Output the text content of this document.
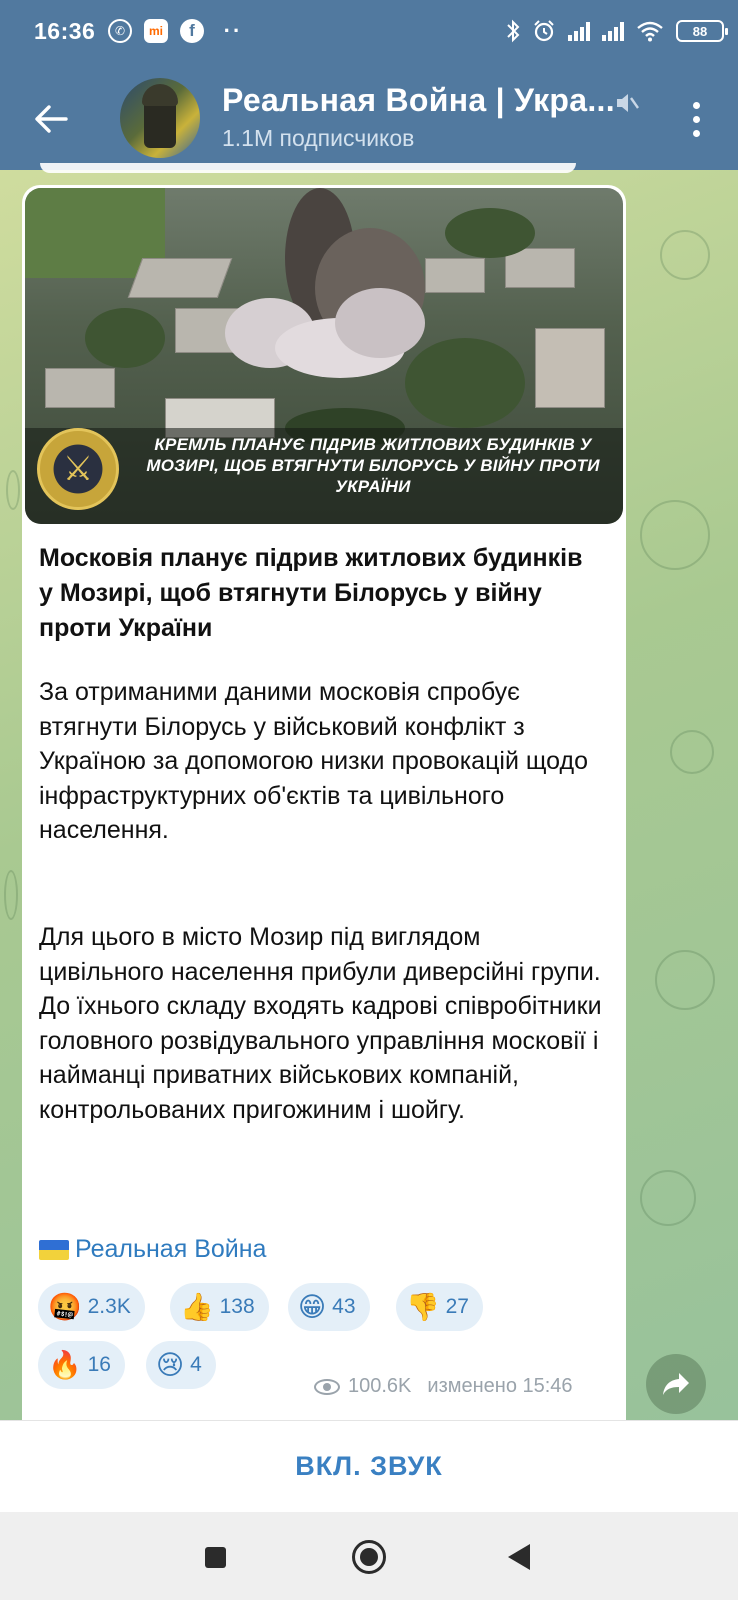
16:36	✆	mi	f	··	88
Реальная Война | Укра...
1.1M подписчиков
⚔
КРЕМЛЬ ПЛАНУЄ ПІДРИВ ЖИТЛОВИХ БУДИНКІВ У МОЗИРІ, ЩОБ ВТЯГНУТИ БІЛОРУСЬ У ВІЙНУ ПРОТИ УКРАЇНИ
Московія планує підрив житлових будинків у Мозирі, щоб втягнути Білорусь у війну проти України
За отриманими даними московія спробує втягнути Білорусь у військовий конфлікт з Україною за допомогою низки провокацій щодо інфраструктурних об'єктів та цивільного населення.
Для цього в місто Мозир під виглядом цивільного населення прибули диверсійні групи. До їхнього складу входять кадрові співробітники головного розвідувального управління московії і найманці приватних військових компаній, контрольованих пригожиним і шойгу.
Реальная Война
🤬 2.3K 👍 138 😁 43 👎 27
🔥 16 😢 4
100.6K изменено 15:46
ВКЛ. ЗВУК
